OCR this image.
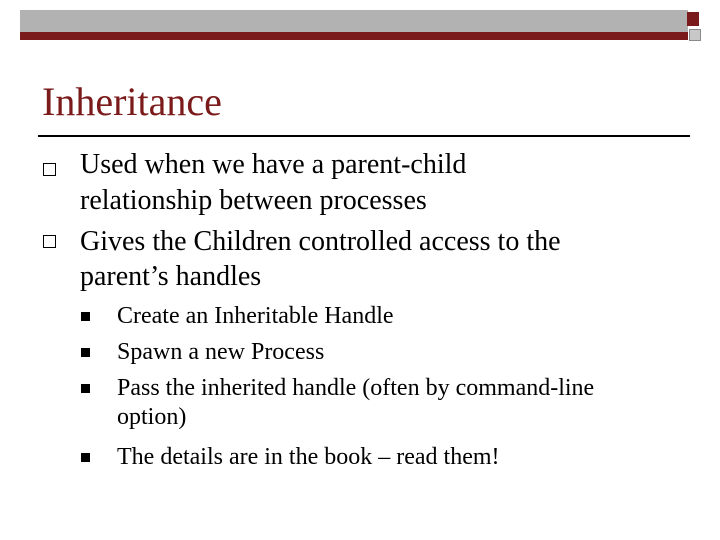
Inheritance
Used when we have a parent-child
relationship between processes
Gives the Children controlled access to the
parent’s handles
Create an Inheritable Handle
Spawn a new Process
Pass the inherited handle (often by command-line
option)
The details are in the book – read them!
